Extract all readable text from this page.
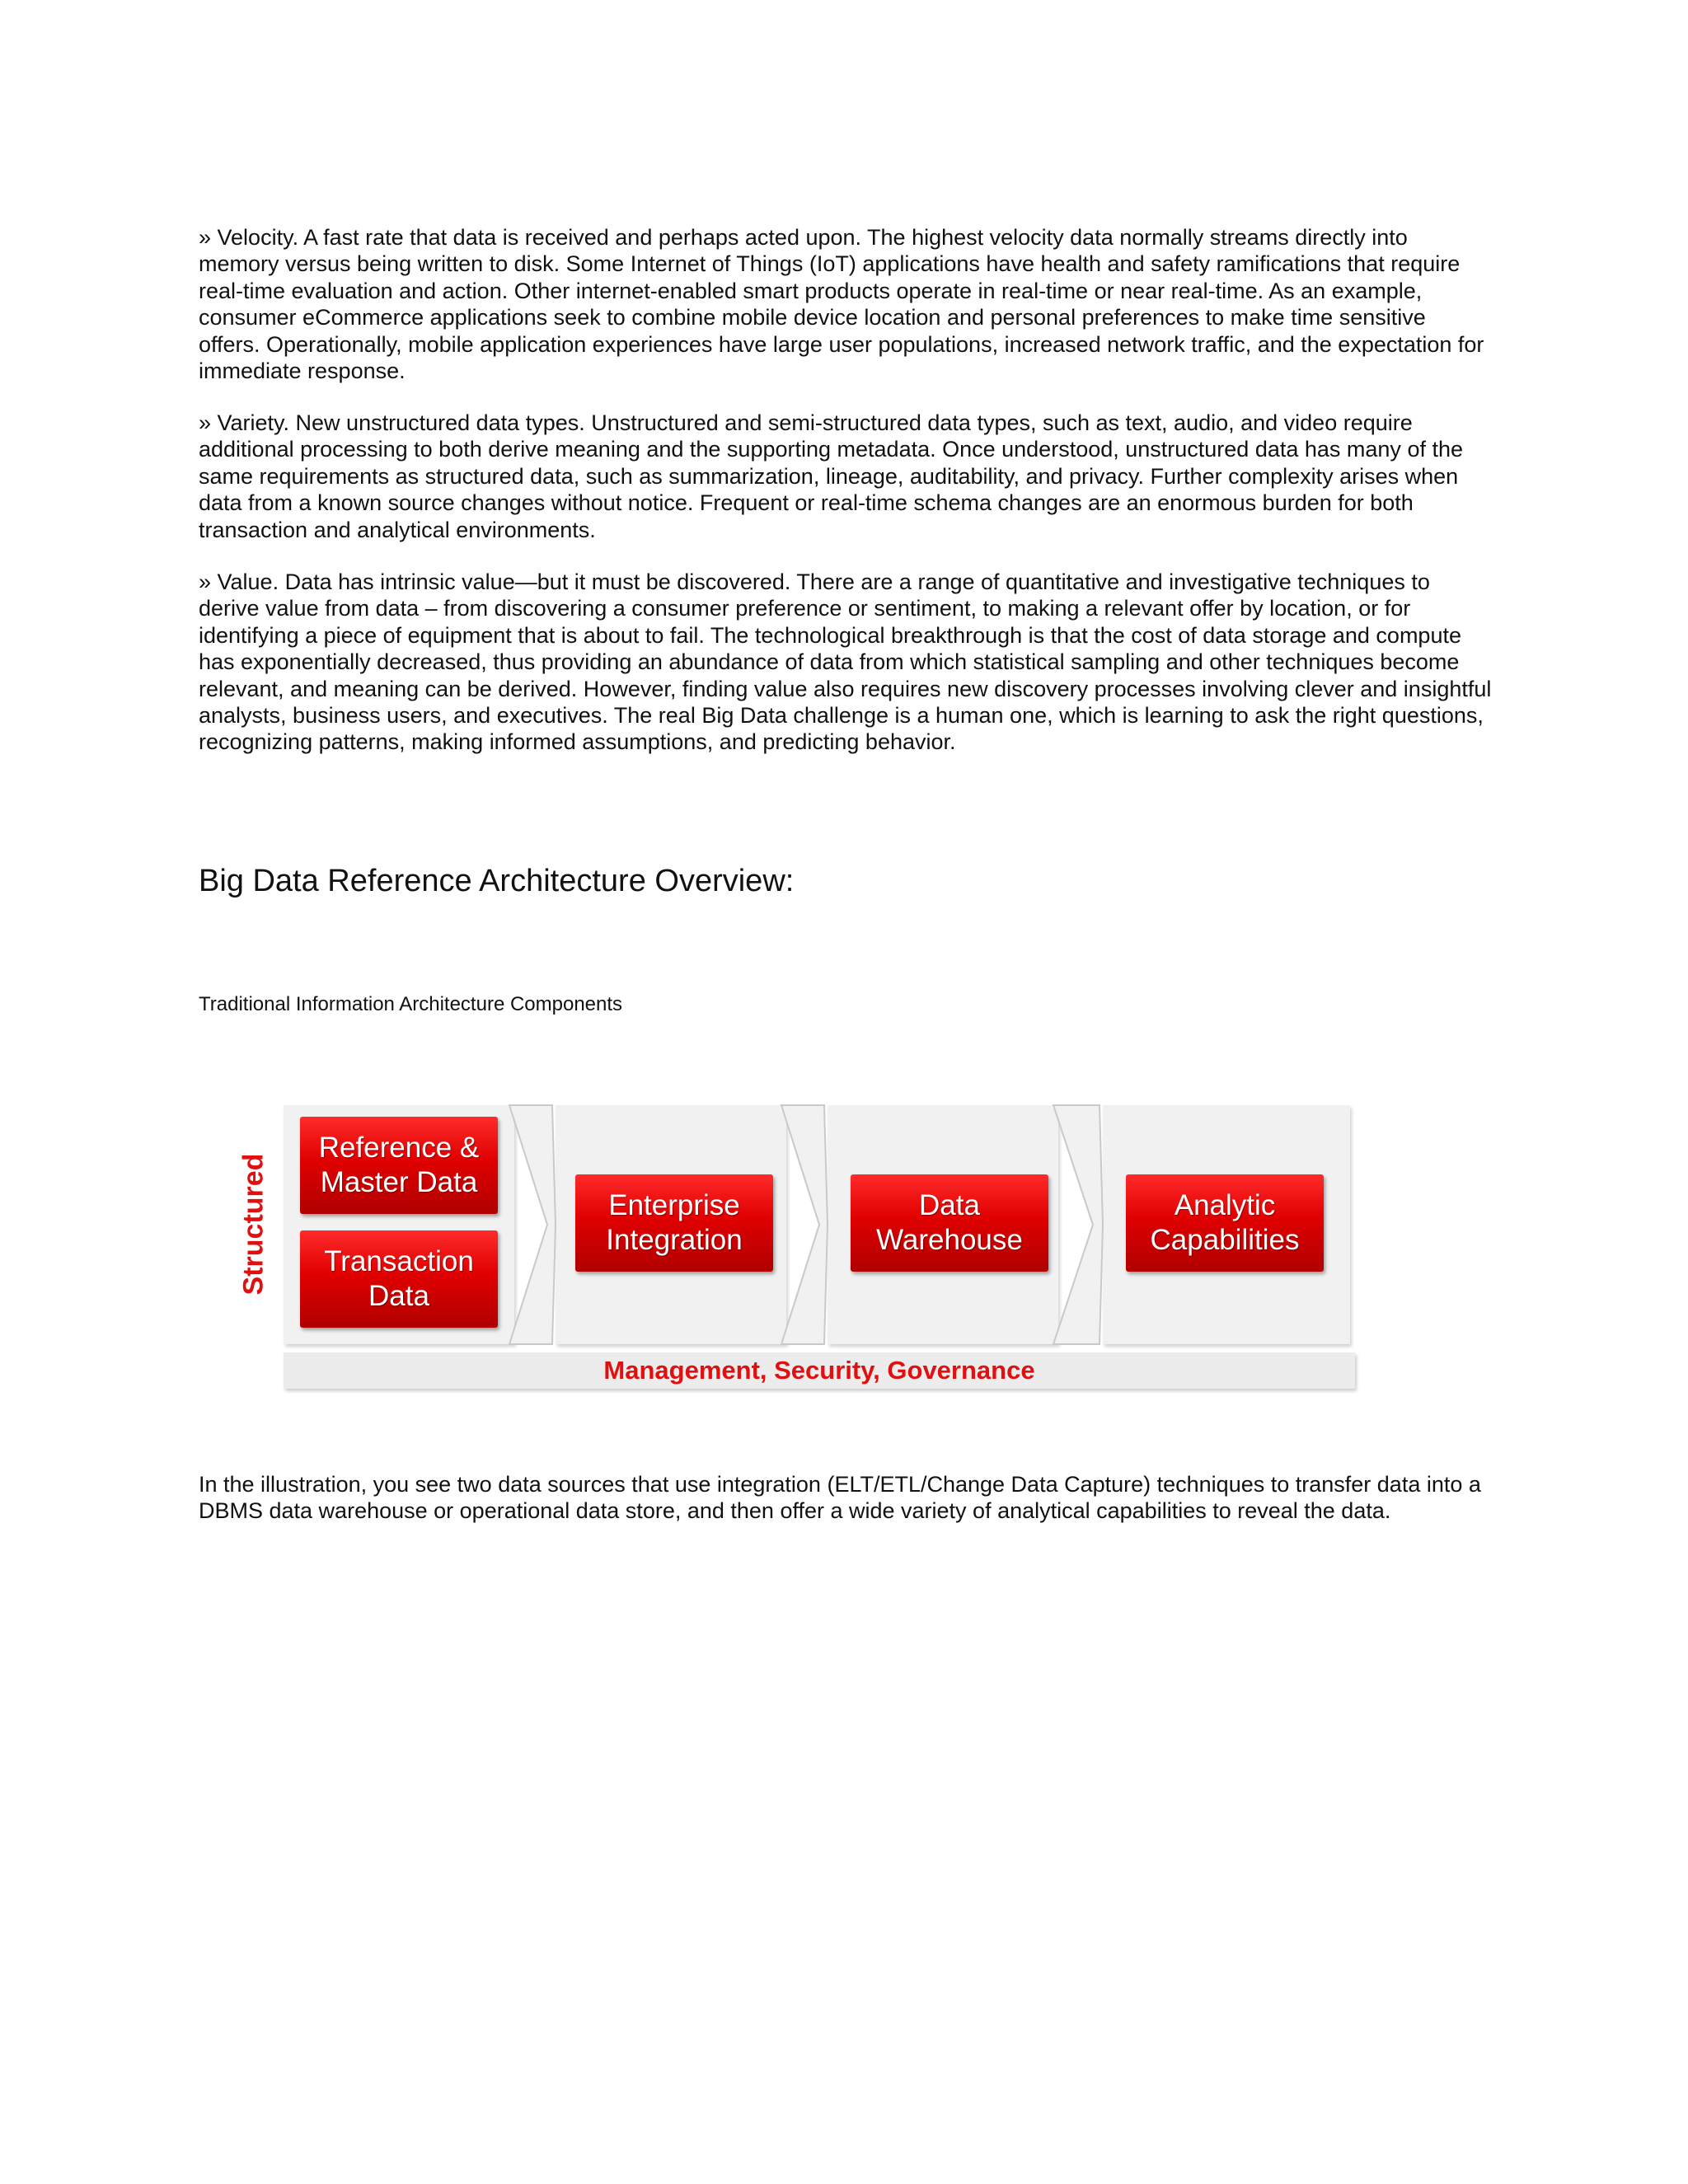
» Velocity. A fast rate that data is received and perhaps acted upon. The highest velocity data normally streams directly into memory versus being written to disk. Some Internet of Things (IoT) applications have health and safety ramifications that require real-time evaluation and action. Other internet-enabled smart products operate in real-time or near real-time. As an example, consumer eCommerce applications seek to combine mobile device location and personal preferences to make time sensitive offers. Operationally, mobile application experiences have large user populations, increased network traffic, and the expectation for immediate response.

» Variety. New unstructured data types. Unstructured and semi-structured data types, such as text, audio, and video require additional processing to both derive meaning and the supporting metadata. Once understood, unstructured data has many of the same requirements as structured data, such as summarization, lineage, auditability, and privacy. Further complexity arises when data from a known source changes without notice. Frequent or real-time schema changes are an enormous burden for both transaction and analytical environments.

» Value. Data has intrinsic value—but it must be discovered. There are a range of quantitative and investigative techniques to derive value from data – from discovering a consumer preference or sentiment, to making a relevant offer by location, or for identifying a piece of equipment that is about to fail. The technological breakthrough is that the cost of data storage and compute has exponentially decreased, thus providing an abundance of data from which statistical sampling and other techniques become relevant, and meaning can be derived. However, finding value also requires new discovery processes involving clever and insightful analysts, business users, and executives. The real Big Data challenge is a human one, which is learning to ask the right questions, recognizing patterns, making informed assumptions, and predicting behavior.

Big Data Reference Architecture Overview:

Traditional Information Architecture Components

Structured
Reference &
Master Data
Transaction
Data
Enterprise
Integration
Data
Warehouse
Analytic
Capabilities
Management, Security, Governance

In the illustration, you see two data sources that use integration (ELT/ETL/Change Data Capture) techniques to transfer data into a DBMS data warehouse or operational data store, and then offer a wide variety of analytical capabilities to reveal the data.
